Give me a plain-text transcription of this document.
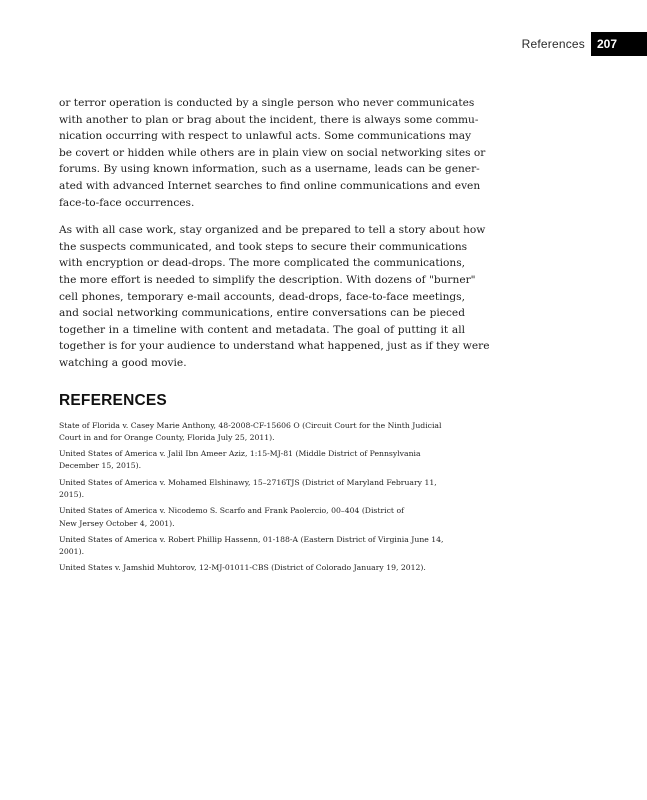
References	207

or terror operation is conducted by a single person who never communicates
with another to plan or brag about the incident, there is always some commu-
nication occurring with respect to unlawful acts. Some communications may
be covert or hidden while others are in plain view on social networking sites or
forums. By using known information, such as a username, leads can be gener-
ated with advanced Internet searches to find online communications and even
face-to-face occurrences.

As with all case work, stay organized and be prepared to tell a story about how
the suspects communicated, and took steps to secure their communications
with encryption or dead-drops. The more complicated the communications,
the more effort is needed to simplify the description. With dozens of "burner"
cell phones, temporary e-mail accounts, dead-drops, face-to-face meetings,
and social networking communications, entire conversations can be pieced
together in a timeline with content and metadata. The goal of putting it all
together is for your audience to understand what happened, just as if they were
watching a good movie.

REFERENCES
State of Florida v. Casey Marie Anthony, 48-2008-CF-15606 O (Circuit Court for the Ninth Judicial
Court in and for Orange County, Florida July 25, 2011).
United States of America v. Jalil Ibn Ameer Aziz, 1:15-MJ-81 (Middle District of Pennsylvania
December 15, 2015).
United States of America v. Mohamed Elshinawy, 15–2716TJS (District of Maryland February 11,
2015).
United States of America v. Nicodemo S. Scarfo and Frank Paolercio, 00–404 (District of
New Jersey October 4, 2001).
United States of America v. Robert Phillip Hassenn, 01-188-A (Eastern District of Virginia June 14,
2001).
United States v. Jamshid Muhtorov, 12-MJ-01011-CBS (District of Colorado January 19, 2012).
